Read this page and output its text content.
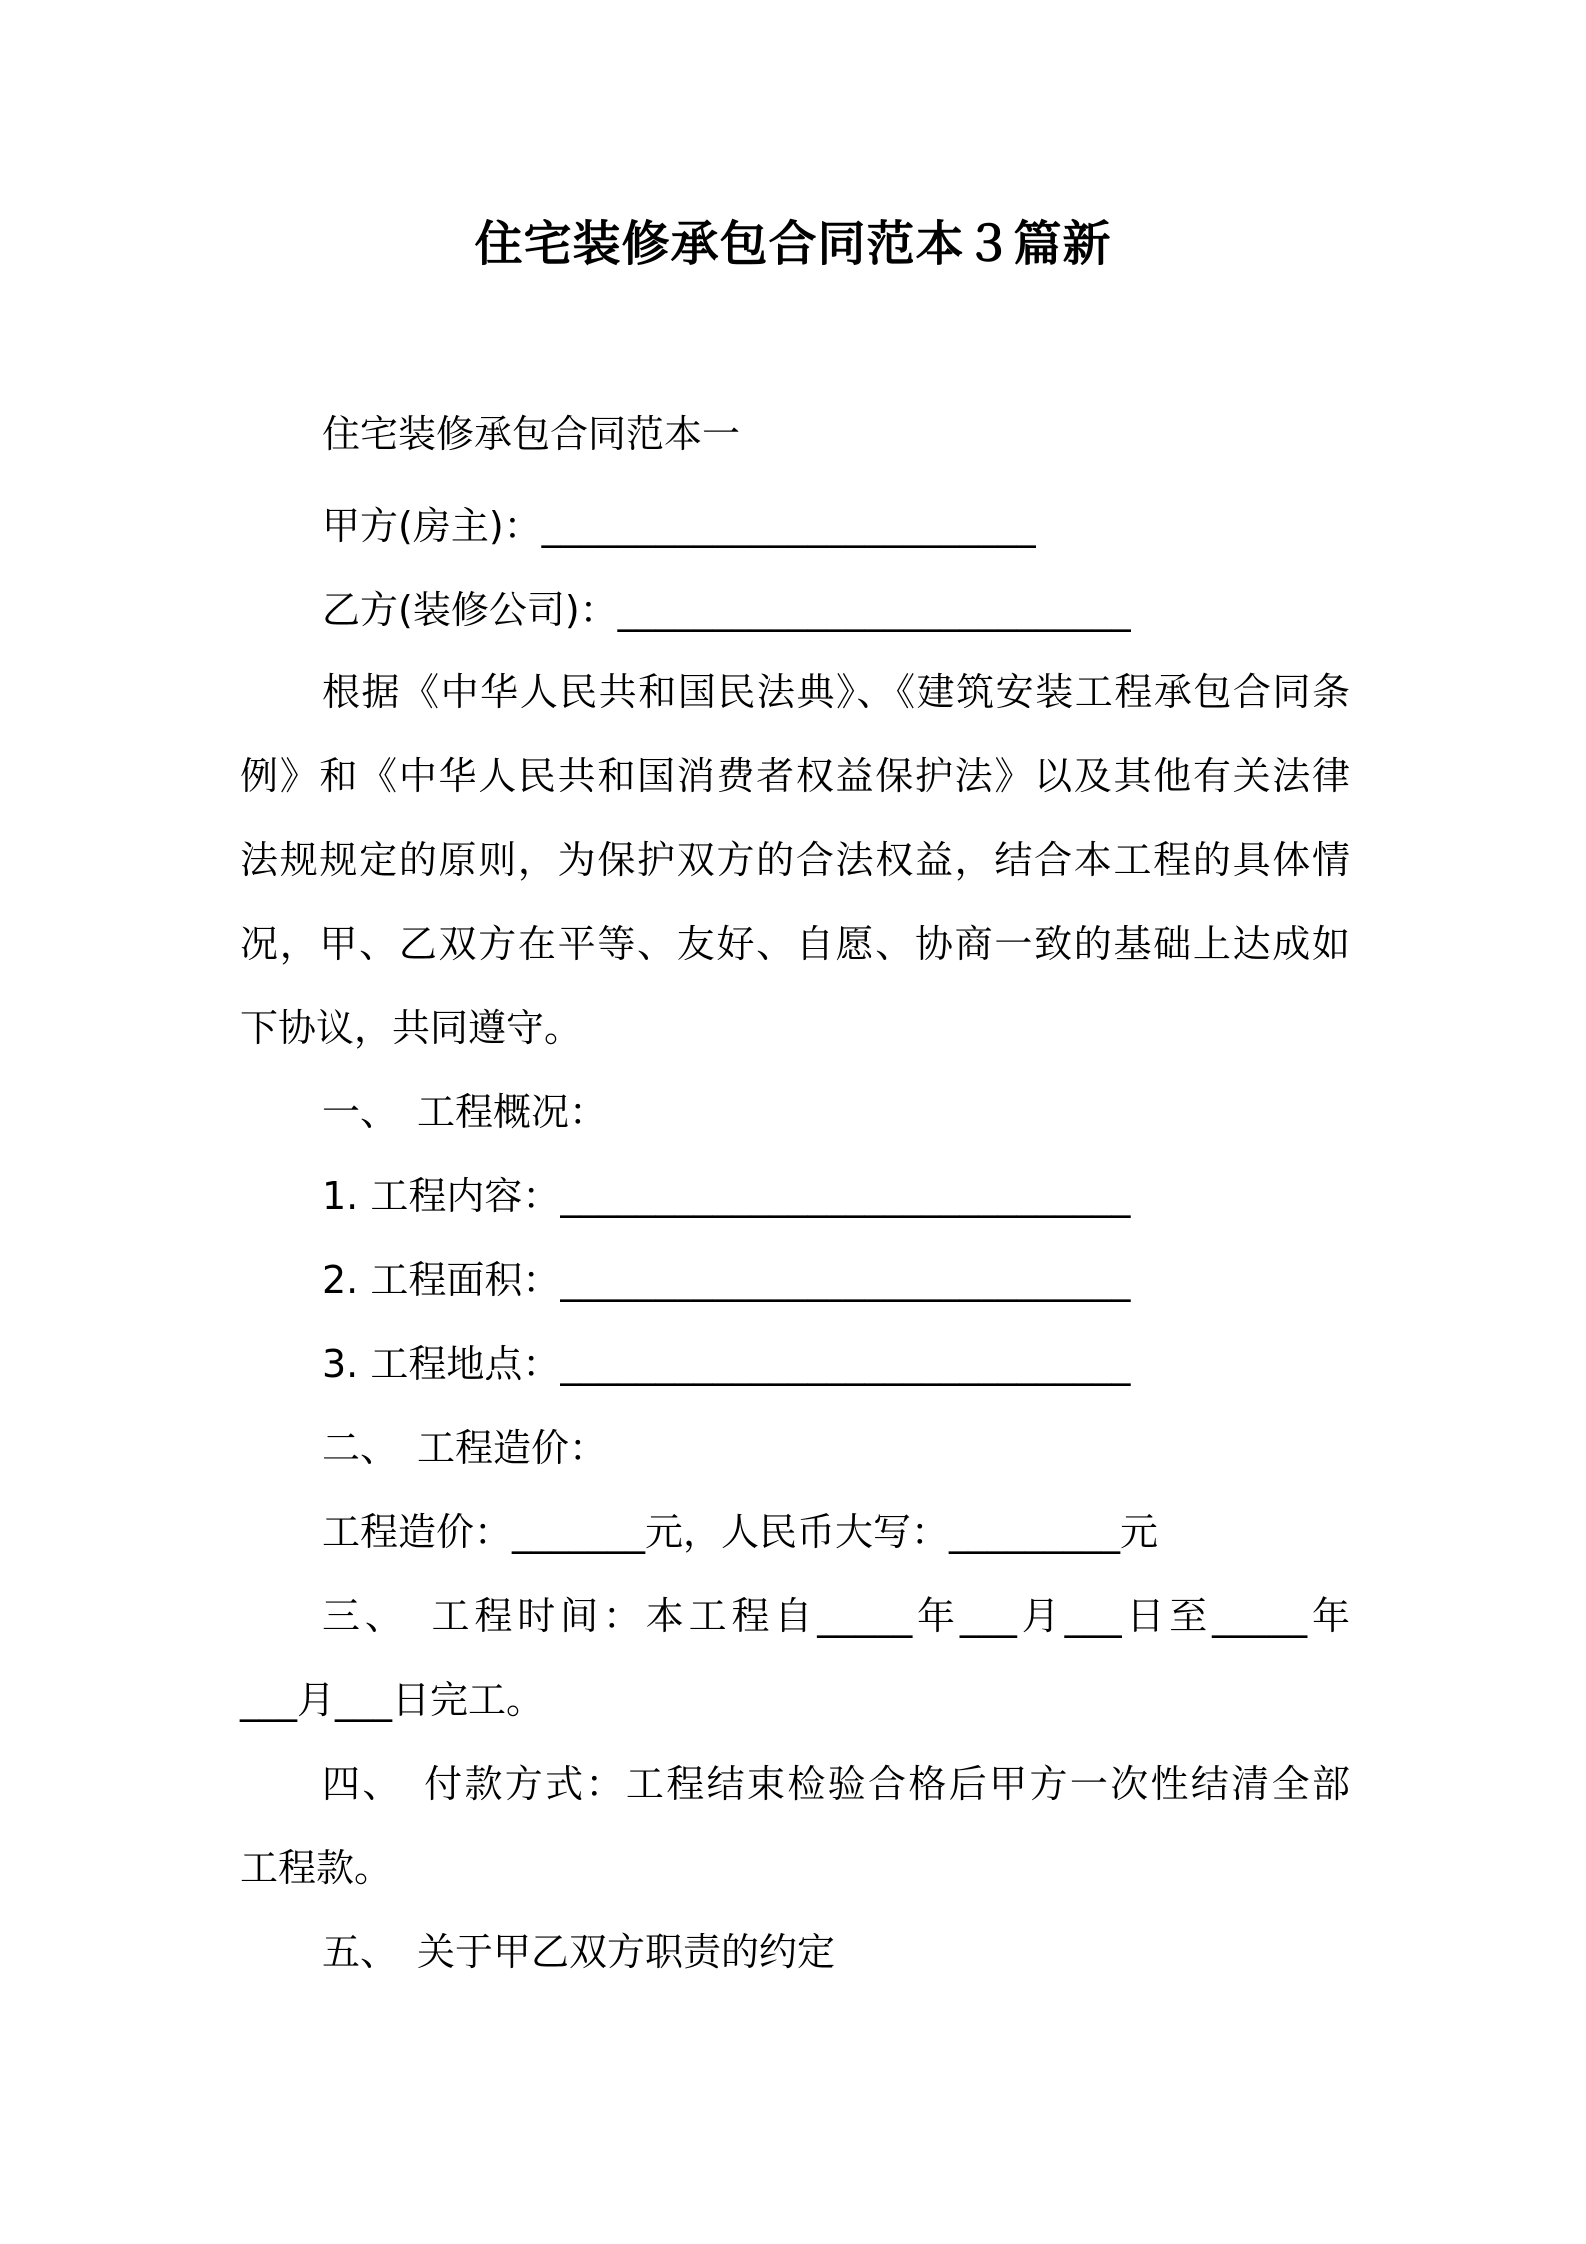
住宅装修承包合同范本３篇新
住宅装修承包合同范本一
甲方(房主)：__________________________
乙方(装修公司)：___________________________
根据《中华人民共和国民法典》、《建筑安装工程承包合同条
例》和《中华人民共和国消费者权益保护法》以及其他有关法律
法规规定的原则，为保护双方的合法权益，结合本工程的具体情
况，甲、乙双方在平等、友好、自愿、协商一致的基础上达成如
下协议，共同遵守。
一、　工程概况：
1. 工程内容：______________________________
2. 工程面积：______________________________
3. 工程地点：______________________________
二、　工程造价：
工程造价：_______元，人民币大写：_________元
三、　工程时间：本工程自_____年___月___日至_____年
___月___日完工。
四、　付款方式：工程结束检验合格后甲方一次性结清全部
工程款。
五、　关于甲乙双方职责的约定
